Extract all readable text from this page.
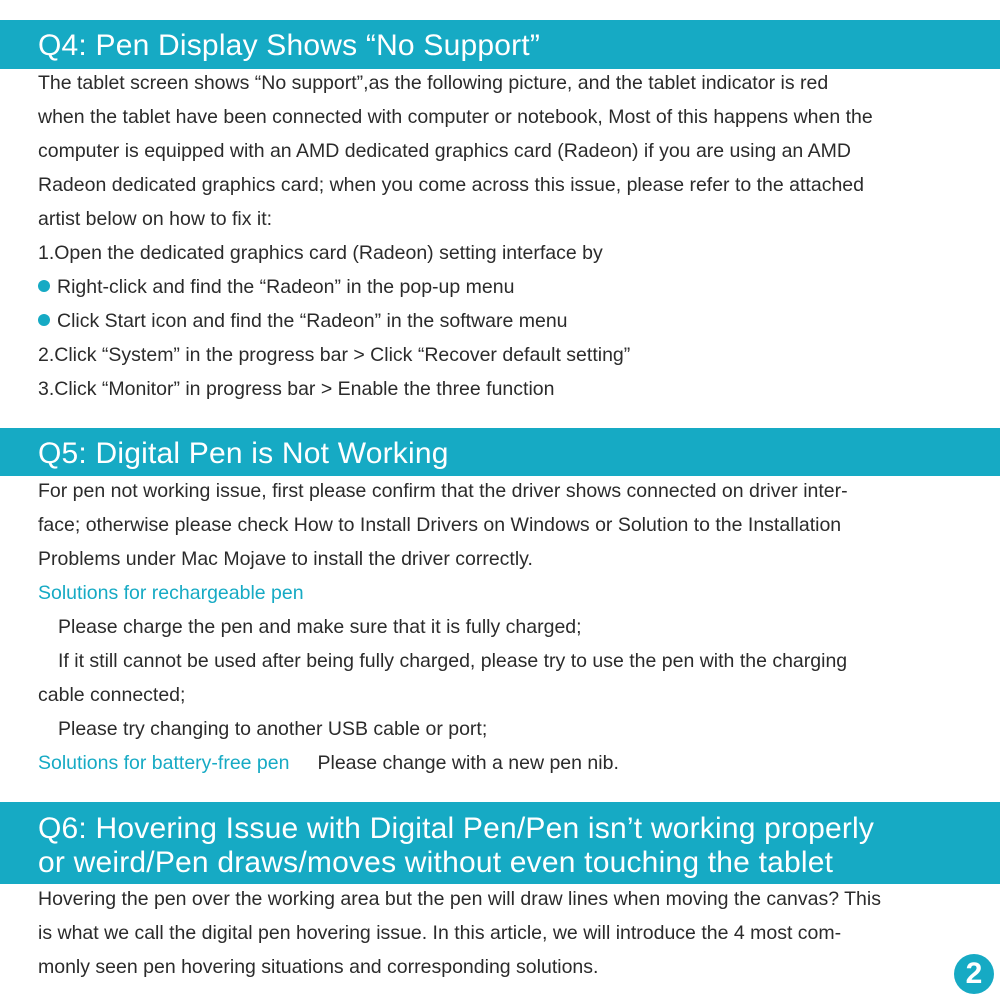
Q4: Pen Display Shows “No Support”
The tablet screen shows “No support”,as the following picture, and the tablet indicator is red
when the tablet have been connected with computer or notebook, Most of this happens when the
computer is equipped with an AMD dedicated graphics card (Radeon) if you are using an AMD
Radeon dedicated graphics card; when you come across this issue, please refer to the attached
artist below on how to fix it:
1.Open the dedicated graphics card (Radeon) setting interface by
Right-click and find the “Radeon” in the pop-up menu
Click Start icon and find the “Radeon” in the software menu
2.Click “System” in the progress bar > Click “Recover default setting”
3.Click “Monitor” in progress bar > Enable the three function
Q5: Digital Pen is Not Working
For pen not working issue, first please confirm that the driver shows connected on driver inter-
face; otherwise please check How to Install Drivers on Windows or Solution to the Installation
Problems under Mac Mojave to install the driver correctly.
Solutions for rechargeable pen
Please charge the pen and make sure that it is fully charged;
If it still cannot be used after being fully charged, please try to use the pen with the charging
cable connected;
Please try changing to another USB cable or port;
Solutions for battery-free pen Please change with a new pen nib.
Q6: Hovering Issue with Digital Pen/Pen isn’t working properly
or weird/Pen draws/moves without even touching the tablet
Hovering the pen over the working area but the pen will draw lines when moving the canvas? This
is what we call the digital pen hovering issue. In this article, we will introduce the 4 most com-
monly seen pen hovering situations and corresponding solutions.	2
